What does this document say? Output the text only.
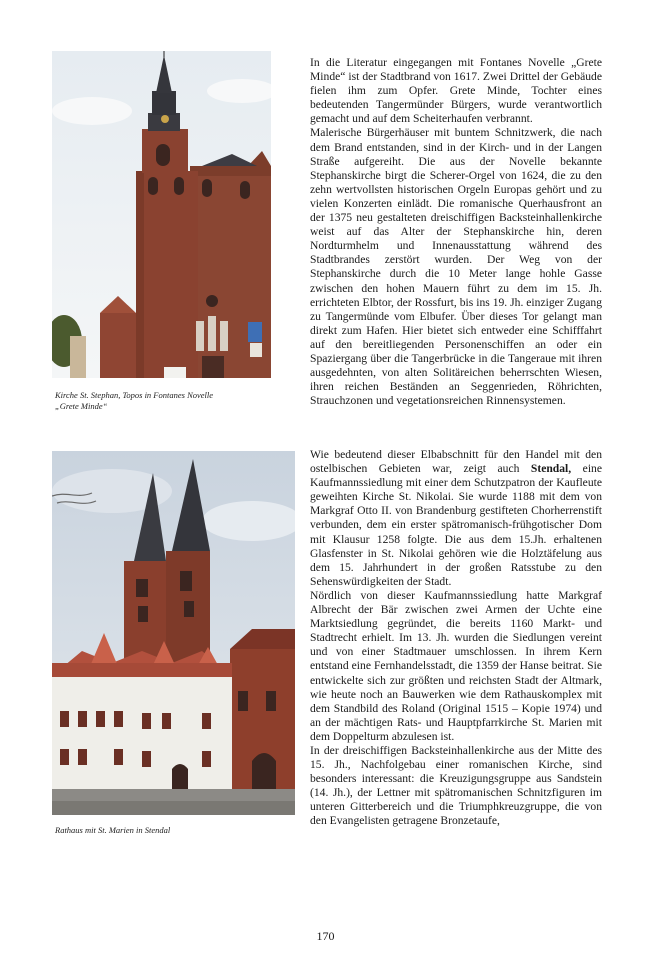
Kirche St. Stephan, Topos in Fontanes Novelle
„Grete Minde“
Rathaus mit St. Marien in Stendal

In die Literatur eingegangen mit Fontanes Novelle „Grete Minde“ ist der Stadtbrand von 1617. Zwei Drittel der Gebäude fielen ihm zum Opfer. Grete Minde, Tochter eines bedeutenden Tangermünder Bürgers, wurde verantwortlich gemacht und auf dem Scheiterhaufen verbrannt.

Malerische Bürgerhäuser mit buntem Schnitzwerk, die nach dem Brand entstanden, sind in der Kirch- und in der Langen Straße aufgereiht. Die aus der Novelle bekannte Stephanskirche birgt die Scherer-Orgel von 1624, die zu den zehn wertvollsten historischen Orgeln Europas gehört und zu vielen Konzerten einlädt. Die romanische Querhausfront an der 1375 neu gestalteten dreischiffigen Backsteinhallenkirche weist auf das Alter der Stephanskirche hin, deren Nordturmhelm und Innenausstattung während des Stadtbrandes zerstört wurden. Der Weg von der Stephanskirche durch die 10 Meter lange hohle Gasse zwischen den hohen Mauern führt zu dem im 15. Jh. errichteten Elbtor, der Rossfurt, bis ins 19. Jh. einziger Zugang zu Tangermünde vom Elbufer. Über dieses Tor gelangt man direkt zum Hafen. Hier bietet sich entweder eine Schifffahrt auf den bereitliegenden Personenschiffen an oder ein Spaziergang über die Tangerbrücke in die Tangeraue mit ihren ausgedehnten, von alten Solitäreichen beherrschten Wiesen, ihren reichen Beständen an Seggenrieden, Röhrichten, Strauchzonen und vegetationsreichen Rinnensystemen.

Wie bedeutend dieser Elbabschnitt für den Handel mit den ostelbischen Gebieten war, zeigt auch Stendal, eine Kaufmannssiedlung mit einer dem Schutzpatron der Kaufleute geweihten Kirche St. Nikolai. Sie wurde 1188 mit dem von Markgraf Otto II. von Brandenburg gestifteten Chorherrenstift verbunden, dem ein erster spätromanisch-frühgotischer Dom mit Klausur 1258 folgte. Die aus dem 15.Jh. erhaltenen Glasfenster in St. Nikolai gehören wie die Holztäfelung aus dem 15. Jahrhundert in der großen Ratsstube zu den Sehenswürdigkeiten der Stadt.

Nördlich von dieser Kaufmannssiedlung hatte Markgraf Albrecht der Bär zwischen zwei Armen der Uchte eine Marktsiedlung gegründet, die bereits 1160 Markt- und Stadtrecht erhielt. Im 13. Jh. wurden die Siedlungen vereint und von einer Stadtmauer umschlossen. In ihrem Kern entstand eine Fernhandelsstadt, die 1359 der Hanse beitrat. Sie entwickelte sich zur größten und reichsten Stadt der Altmark, wie heute noch an Bauwerken wie dem Rathauskomplex mit dem Standbild des Roland (Original 1515 – Kopie 1974) und an der mächtigen Rats- und Hauptpfarrkirche St. Marien mit dem Doppelturm abzulesen ist.

In der dreischiffigen Backsteinhallenkirche aus der Mitte des 15. Jh., Nachfolgebau einer romanischen Kirche, sind besonders interessant: die Kreuzigungsgruppe aus Sandstein (14. Jh.), der Lettner mit spätromanischen Schnitzfiguren im unteren Gitterbereich und die Triumphkreuzgruppe, die von den Evangelisten getragene Bronzetaufe,

170
